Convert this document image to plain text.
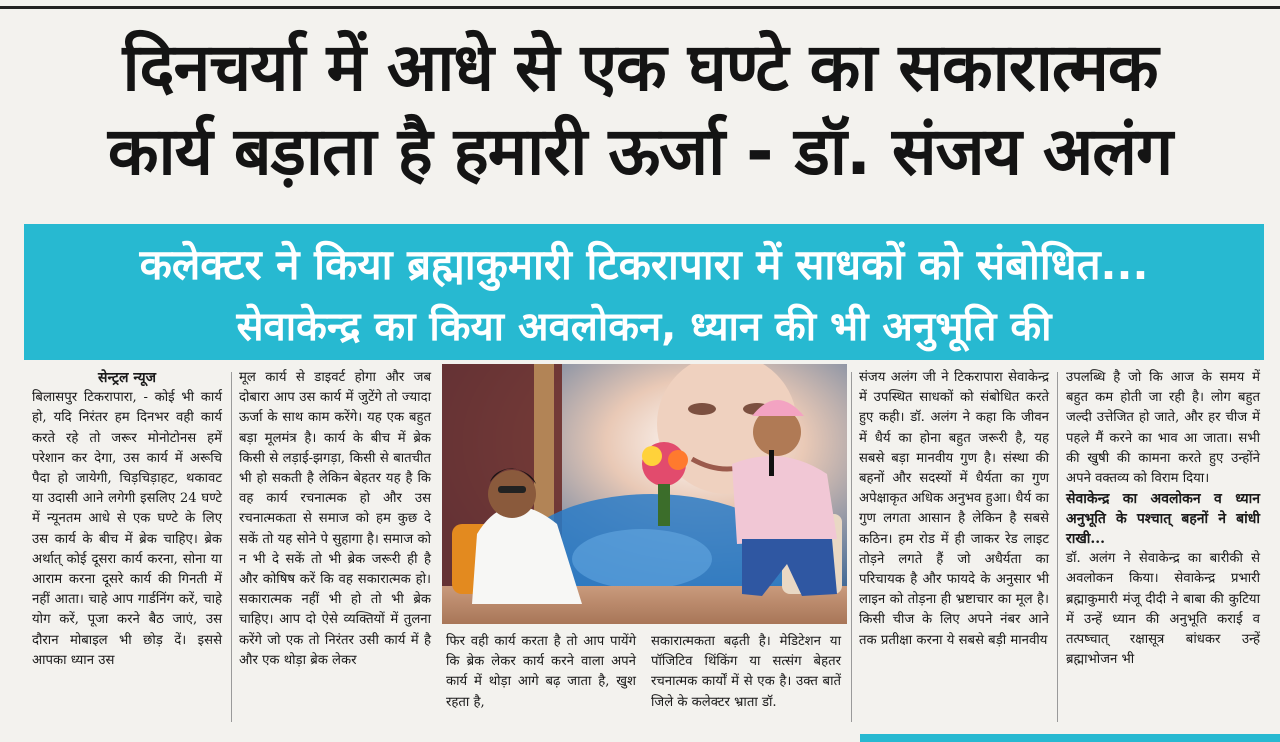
दिनचर्या में आधे से एक घण्टे का सकारात्मक
कार्य बड़ाता है हमारी ऊर्जा - डॉ. संजय अलंग
कलेक्टर ने किया ब्रह्माकुमारी टिकरापारा में साधकों को संबोधित...
सेवाकेन्द्र का किया अवलोकन, ध्यान की भी अनुभूति की

सेन्ट्रल न्यूज

बिलासपुर टिकरापारा, - कोई भी कार्य हो, यदि निरंतर हम दिनभर वही कार्य करते रहे तो जरूर मोनोटोनस हमें परेशान कर देगा, उस कार्य में अरूचि पैदा हो जायेगी, चिड़चिड़ाहट, थकावट या उदासी आने लगेगी इसलिए 24 घण्टे में न्यूनतम आधे से एक घण्टे के लिए उस कार्य के बीच में ब्रेक चाहिए। ब्रेक अर्थात् कोई दूसरा कार्य करना, सोना या आराम करना दूसरे कार्य की गिनती में नहीं आता। चाहे आप गार्डनिंग करें, चाहे योग करें, पूजा करने बैठ जाएं, उस दौरान मोबाइल भी छोड़ दें। इससे आपका ध्यान उस

मूल कार्य से डाइवर्ट होगा और जब दोबारा आप उस कार्य में जुटेंगे तो ज्यादा ऊर्जा के साथ काम करेंगे। यह एक बहुत बड़ा मूलमंत्र है। कार्य के बीच में ब्रेक किसी से लड़ाई-झगड़ा, किसी से बातचीत भी हो सकती है लेकिन बेहतर यह है कि वह कार्य रचनात्मक हो और उस रचनात्मकता से समाज को हम कुछ दे सकें तो यह सोने पे सुहागा है। समाज को न भी दे सकें तो भी ब्रेक जरूरी ही है और कोषिष करें कि वह सकारात्मक हो। सकारात्मक नहीं भी हो तो भी ब्रेक चाहिए। आप दो ऐसे व्यक्तियों में तुलना करेंगे जो एक तो निरंतर उसी कार्य में है और एक थोड़ा ब्रेक लेकर

फिर वही कार्य करता है तो आप पायेंगे कि ब्रेक लेकर कार्य करने वाला अपने कार्य में थोड़ा आगे बढ़ जाता है, खुश रहता है,

सकारात्मकता बढ़ती है। मेडिटेशन या पॉजिटिव थिंकिंग या सत्संग बेहतर रचनात्मक कार्यों में से एक है। उक्त बातें जिले के कलेक्टर भ्राता डॉ.

संजय अलंग जी ने टिकरापारा सेवाकेन्द्र में उपस्थित साधकों को संबोधित करते हुए कही। डॉ. अलंग ने कहा कि जीवन में धैर्य का होना बहुत जरूरी है, यह सबसे बड़ा मानवीय गुण है। संस्था की बहनों और सदस्यों में धैर्यता का गुण अपेक्षाकृत अधिक अनुभव हुआ। धैर्य का गुण लगता आसान है लेकिन है सबसे कठिन। हम रोड में ही जाकर रेड लाइट तोड़ने लगते हैं जो अधैर्यता का परिचायक है और फायदे के अनुसार भी लाइन को तोड़ना ही भ्रष्टाचार का मूल है। किसी चीज के लिए अपने नंबर आने तक प्रतीक्षा करना ये सबसे बड़ी मानवीय

उपलब्धि है जो कि आज के समय में बहुत कम होती जा रही है। लोग बहुत जल्दी उत्तेजित हो जाते, और हर चीज में पहले मैं करने का भाव आ जाता। सभी की खुषी की कामना करते हुए उन्होंने अपने वक्तव्य को विराम दिया।

सेवाकेन्द्र का अवलोकन व ध्यान अनुभूति के पश्चात् बहनों ने बांधी राखी...

डॉ. अलंग ने सेवाकेन्द्र का बारीकी से अवलोकन किया। सेवाकेन्द्र प्रभारी ब्रह्माकुमारी मंजू दीदी ने बाबा की कुटिया में उन्हें ध्यान की अनुभूति कराई व तत्पष्चात् रक्षासूत्र बांधकर उन्हें ब्रह्माभोजन भी
